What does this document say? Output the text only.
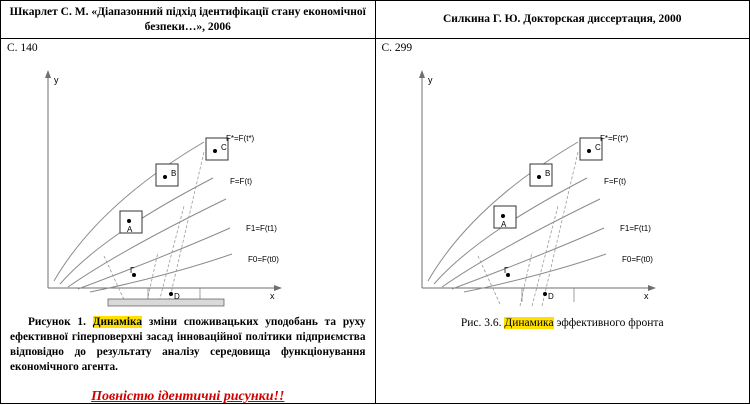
Шкарлет С. М. «Діапазонний підхід ідентифікації стану економічної безпеки…», 2006
Силкина Г. Ю. Докторская диссертация, 2000
С. 140
y
x
C
B
A
Г
D
F*=F(t*)
F=F(t)
F1=F(t1)
F0=F(t0)
Рисунок 1. Динаміка зміни споживацьких уподобань та руху ефективної гіперповерхні засад інноваційної політики підприємства відповідно до результату аналізу середовища функціонування економічного агента.
Повністю ідентичні рисунки!!
С. 299
y
x
C
B
A
Г
D
F*=F(t*)
F=F(t)
F1=F(t1)
F0=F(t0)
Рис. 3.6. Динамика эффективного фронта
